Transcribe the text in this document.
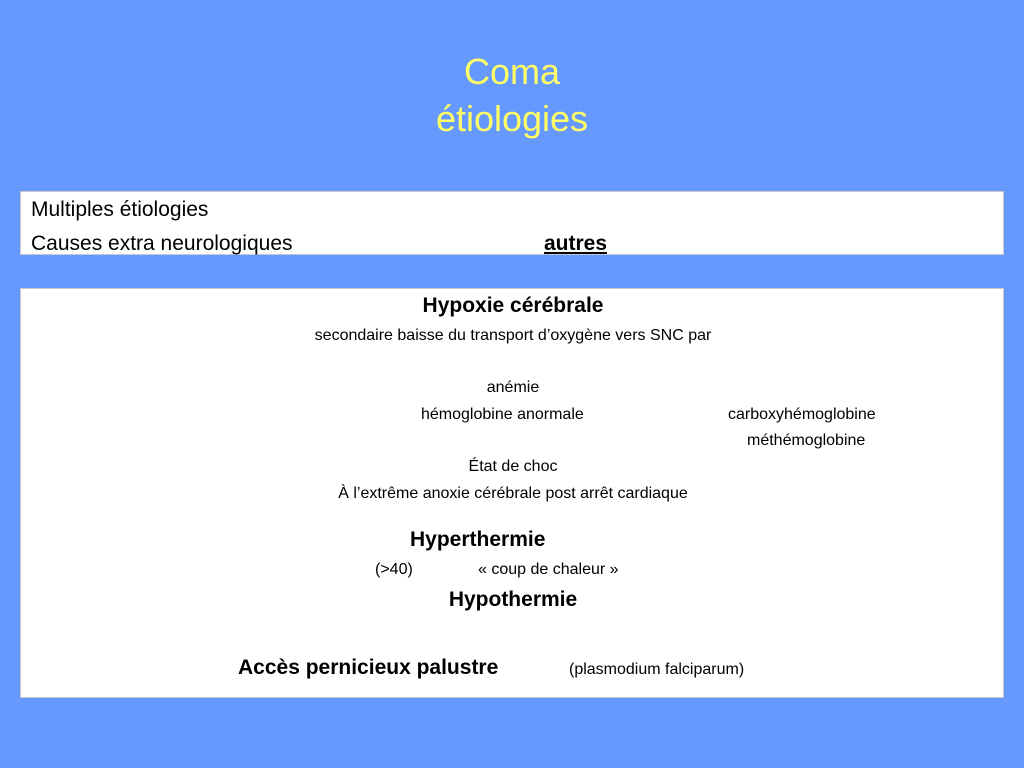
Coma
étiologies
Multiples étiologies
Causes extra neurologiques	autres
Hypoxie cérébrale
secondaire baisse du transport d’oxygène vers SNC par
anémie
hémoglobine anormale	carboxyhémoglobine
méthémoglobine
État de choc
À l’extrême anoxie cérébrale post arrêt cardiaque
Hyperthermie
(>40)	« coup de chaleur »
Hypothermie
Accès pernicieux palustre	(plasmodium falciparum)
